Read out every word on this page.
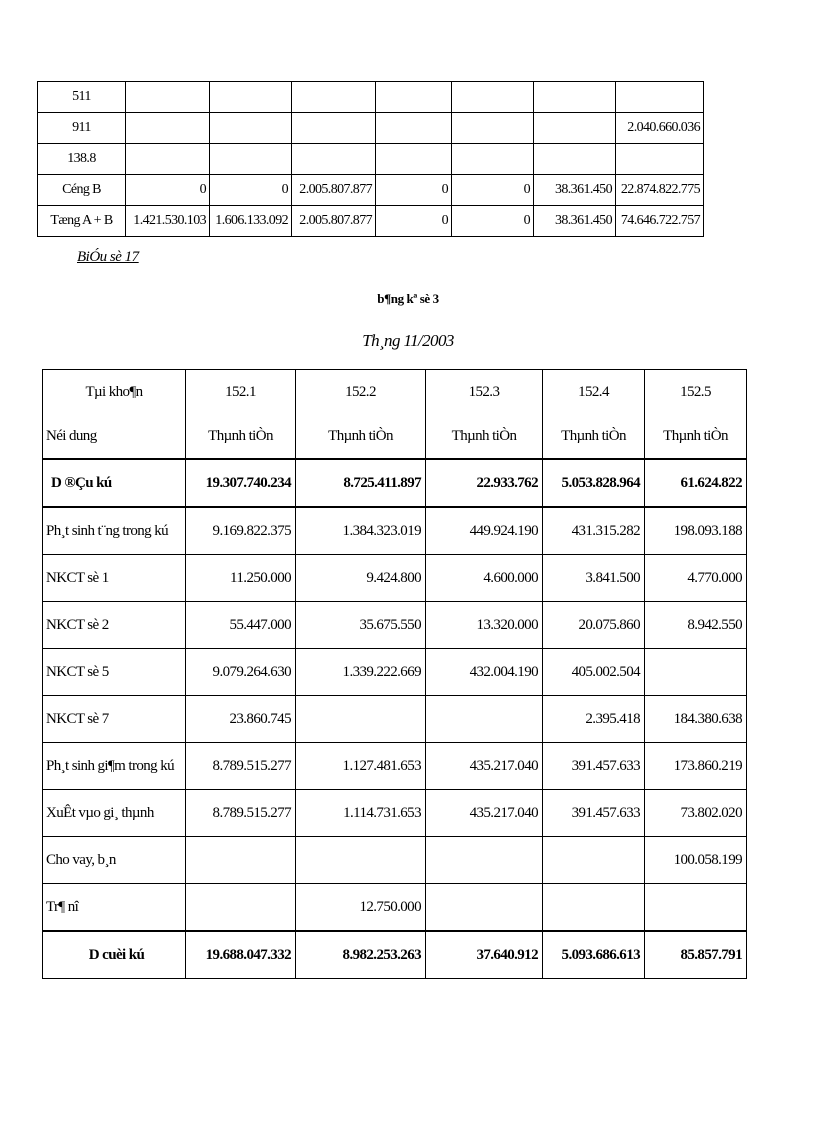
511							
911							2.040.660.036
138.8							
Céng B	0	0	2.005.807.877	0	0	38.361.450	22.874.822.775
Tæng A + B	1.421.530.103	1.606.133.092	2.005.807.877	0	0	38.361.450	74.646.722.757
BiÓu sè 17
b¶ng kª sè 3
Th¸ng 11/2003
Tµi kho¶n	152.1	152.2	152.3	152.4	152.5
Néi dung	Thµnh tiÒn	Thµnh tiÒn	Thµnh tiÒn	Thµnh tiÒn	Thµnh tiÒn
D ®Çu kú	19.307.740.234	8.725.411.897	22.933.762	5.053.828.964	61.624.822
Ph¸t sinh t¨ng trong kú	9.169.822.375	1.384.323.019	449.924.190	431.315.282	198.093.188
NKCT sè 1	11.250.000	9.424.800	4.600.000	3.841.500	4.770.000
NKCT sè 2	55.447.000	35.675.550	13.320.000	20.075.860	8.942.550
NKCT sè 5	9.079.264.630	1.339.222.669	432.004.190	405.002.504	
NKCT sè 7	23.860.745			2.395.418	184.380.638
Ph¸t sinh gi¶m trong kú	8.789.515.277	1.127.481.653	435.217.040	391.457.633	173.860.219
XuÊt vµo gi¸ thµnh	8.789.515.277	1.114.731.653	435.217.040	391.457.633	73.802.020
Cho vay, b¸n					100.058.199
Tr¶ nî		12.750.000			
D cuèi kú	19.688.047.332	8.982.253.263	37.640.912	5.093.686.613	85.857.791
